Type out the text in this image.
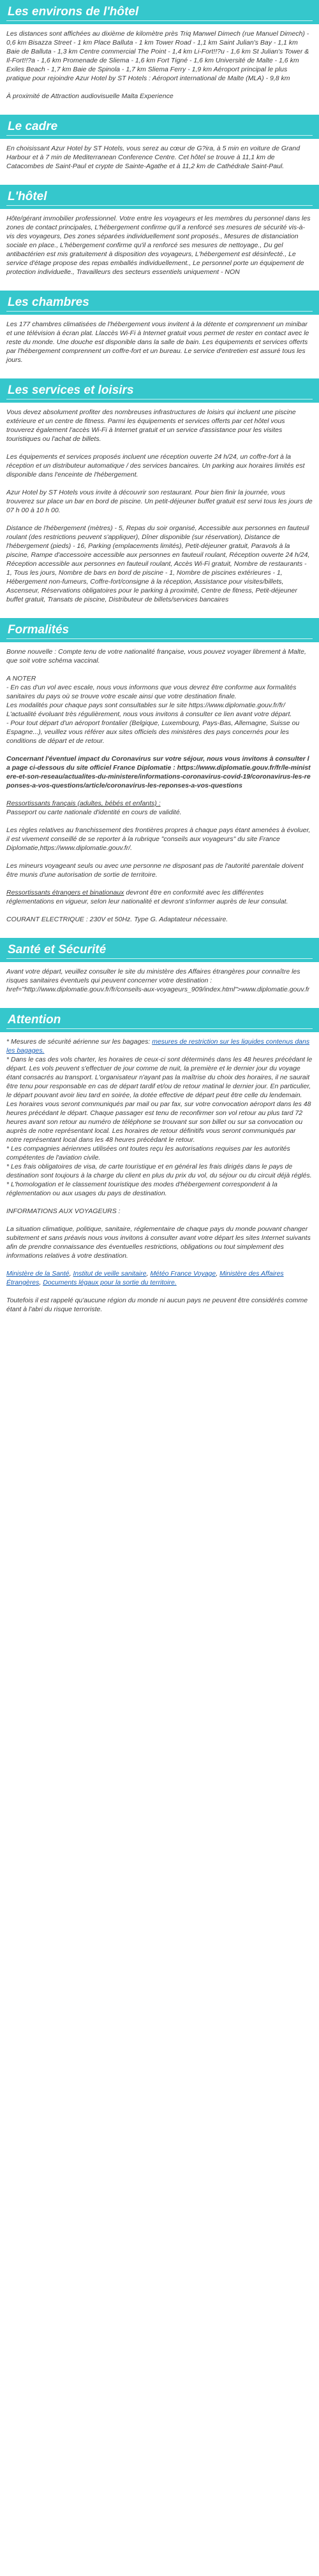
Les environs de l'hôtel

Les distances sont affichées au dixième de kilomètre près Triq Manwel Dimech (rue Manuel Dimech) - 0,6 km Bisazza Street - 1 km Place Balluta - 1 km Tower Road - 1,1 km Saint Julian's Bay - 1,1 km Baie de Balluta - 1,3 km Centre commercial The Point - 1,4 km Li-Fort!!?u - 1,6 km St Julian's Tower & Il-Fort!!?a - 1,6 km Promenade de Sliema - 1,6 km Fort Tigné - 1,6 km Université de Malte - 1,6 km Exiles Beach - 1,7 km Baie de Spinola - 1,7 km Sliema Ferry - 1,9 km Aéroport principal le plus pratique pour rejoindre Azur Hotel by ST Hotels : Aéroport international de Malte (MLA) - 9,8 km

À proximité de Attraction audiovisuelle Malta Experience

Le cadre

En choisissant Azur Hotel by ST Hotels, vous serez au cœur de G?ira, à 5 min en voiture de Grand Harbour et à 7 min de Mediterranean Conference Centre. Cet hôtel se trouve à 11,1 km de Catacombes de Saint-Paul et crypte de Sainte-Agathe et à 11,2 km de Cathédrale Saint-Paul.

L'hôtel

Hôte/gérant immobilier professionnel. Votre entre les voyageurs et les membres du personnel dans les zones de contact principales, L'hébergement confirme qu'il a renforcé ses mesures de sécurité vis-à-vis des voyageurs, Des zones séparées individuellement sont proposés., Mesures de distanciation sociale en place., L'hébergement confirme qu'il a renforcé ses mesures de nettoyage., Du gel antibactérien est mis gratuitement à disposition des voyageurs, L'hébergement est désinfecté., Le service d'étage propose des repas emballés individuellement., Le personnel porte un équipement de protection individuelle., Travailleurs des secteurs essentiels uniquement - NON

Les chambres

Les 177 chambres climatisées de l'hébergement vous invitent à la détente et comprennent un minibar et une télévision à écran plat. Llaccès Wi-Fi à Internet gratuit vous permet de rester en contact avec le reste du monde. Une douche est disponible dans la salle de bain. Les équipements et services offerts par l'hébergement comprennent un coffre-fort et un bureau. Le service d'entretien est assuré tous les jours.

Les services et loisirs

Vous devez absolument profiter des nombreuses infrastructures de loisirs qui incluent une piscine extérieure et un centre de fitness. Parmi les équipements et services offerts par cet hôtel vous trouverez également l'accès Wi-Fi à Internet gratuit et un service d'assistance pour les visites touristiques ou l'achat de billets.

Les équipements et services proposés incluent une réception ouverte 24 h/24, un coffre-fort à la réception et un distributeur automatique / des services bancaires. Un parking aux horaires limités est disponible dans l'enceinte de l'hébergement.

Azur Hotel by ST Hotels vous invite à découvrir son restaurant. Pour bien finir la journée, vous trouverez sur place un bar en bord de piscine. Un petit-déjeuner buffet gratuit est servi tous les jours de 07 h 00 à 10 h 00.

Distance de l'hébergement (mètres) - 5, Repas du soir organisé, Accessible aux personnes en fauteuil roulant (des restrictions peuvent s'appliquer), Dîner disponible (sur réservation), Distance de l'hébergement (pieds) - 16, Parking (emplacements limités), Petit-déjeuner gratuit, Paravols à la piscine, Rampe d'accessoire accessible aux personnes en fauteuil roulant, Réception ouverte 24 h/24, Réception accessible aux personnes en fauteuil roulant, Accès Wi-Fi gratuit, Nombre de restaurants - 1, Tous les jours, Nombre de bars en bord de piscine - 1, Nombre de piscines extérieures - 1, Hébergement non-fumeurs, Coffre-fort/consigne à la réception, Assistance pour visites/billets, Ascenseur, Réservations obligatoires pour le parking à proximité, Centre de fitness, Petit-déjeuner buffet gratuit, Transats de piscine, Distributeur de billets/services bancaires

Formalités

Bonne nouvelle : Compte tenu de votre nationalité française, vous pouvez voyager librement à Malte, que soit votre schéma vaccinal.

A NOTER
- En cas d'un vol avec escale, nous vous informons que vous devrez être conforme aux formalités sanitaires du pays où se trouve votre escale ainsi que votre destination finale.
Les modalités pour chaque pays sont consultables sur le site https://www.diplomatie.gouv.fr/fr/ L'actualité évoluant très régulièrement, nous vous invitons à consulter ce lien avant votre départ.
- Pour tout départ d'un aéroport frontalier (Belgique, Luxembourg, Pays-Bas, Allemagne, Suisse ou Espagne...), veuillez vous référer aux sites officiels des ministères des pays concernés pour les conditions de départ et de retour.

Concernant l'éventuel impact du Coronavirus sur votre séjour, nous vous invitons à consulter la page ci-dessous du site officiel France Diplomatie : https://www.diplomatie.gouv.fr/fr/le-ministere-et-son-reseau/actualites-du-ministere/informations-coronavirus-covid-19/coronavirus-les-reponses-a-vos-questions/article/coronavirus-les-reponses-a-vos-questions

Ressortissants français (adultes, bébés et enfants) :
Passeport ou carte nationale d'identité en cours de validité.

Les règles relatives au franchissement des frontières propres à chaque pays étant amenées à évoluer, il est vivement conseillé de se reporter à la rubrique "conseils aux voyageurs" du site France Diplomatie,https://www.diplomatie.gouv.fr/.

Les mineurs voyageant seuls ou avec une personne ne disposant pas de l'autorité parentale doivent être munis d'une autorisation de sortie de territoire.

Ressortissants étrangers et binationaux devront être en conformité avec les différentes réglementations en vigueur, selon leur nationalité et devront s'informer auprès de leur consulat.

COURANT ELECTRIQUE : 230V et 50Hz. Type G. Adaptateur nécessaire.

Santé et Sécurité

Avant votre départ, veuillez consulter le site du ministère des Affaires étrangères pour connaître les risques sanitaires éventuels qui peuvent concerner votre destination : href="http://www.diplomatie.gouv.fr/fr/conseils-aux-voyageurs_909/index.html">www.diplomatie.gouv.fr

Attention
* Mesures de sécurité aérienne sur les bagages: mesures de restriction sur les liquides contenus dans les bagages.
* Dans le cas des vols charter, les horaires de ceux-ci sont déterminés dans les 48 heures précédant le départ. Les vols peuvent s'effectuer de jour comme de nuit, la première et le dernier jour du voyage étant consacrés au transport. L'organisateur n'ayant pas la maîtrise du choix des horaires, il ne saurait être tenu pour responsable en cas de départ tardif et/ou de retour matinal le dernier jour. En particulier, le départ pouvant avoir lieu tard en soirée, la dotée effective de départ peut être celle du lendemain. Les horaires vous seront communiqués par mail ou par fax, sur votre convocation aéroport dans les 48 heures précédant le départ. Chaque passager est tenu de reconfirmer son vol retour au plus tard 72 heures avant son retour au numéro de téléphone se trouvant sur son billet ou sur sa convocation ou auprès de notre représentant local. Les horaires de retour définitifs vous seront communiqués par notre représentant local dans les 48 heures précédant le retour.
* Les compagnies aériennes utilisées ont toutes reçu les autorisations requises par les autorités compétentes de l'aviation civile.
* Les frais obligatoires de visa, de carte touristique et en général les frais dirigés dans le pays de destination sont toujours à la charge du client en plus du prix du vol, du séjour ou du circuit déjà réglés.
* L'homologation et le classement touristique des modes d'hébergement correspondent à la réglementation ou aux usages du pays de destination.
INFORMATIONS AUX VOYAGEURS :
La situation climatique, politique, sanitaire, réglementaire de chaque pays du monde pouvant changer subitement et sans préavis nous vous invitons à consulter avant votre départ les sites Internet suivants afin de prendre connaissance des éventuelles restrictions, obligations ou tout simplement des informations relatives à votre destination.

Ministère de la Santé, Institut de veille sanitaire, Météo France Voyage, Ministère des Affaires Étrangères, Documents légaux pour la sortie du territoire.

Toutefois il est rappelé qu'aucune région du monde ni aucun pays ne peuvent être considérés comme étant à l'abri du risque terroriste.
